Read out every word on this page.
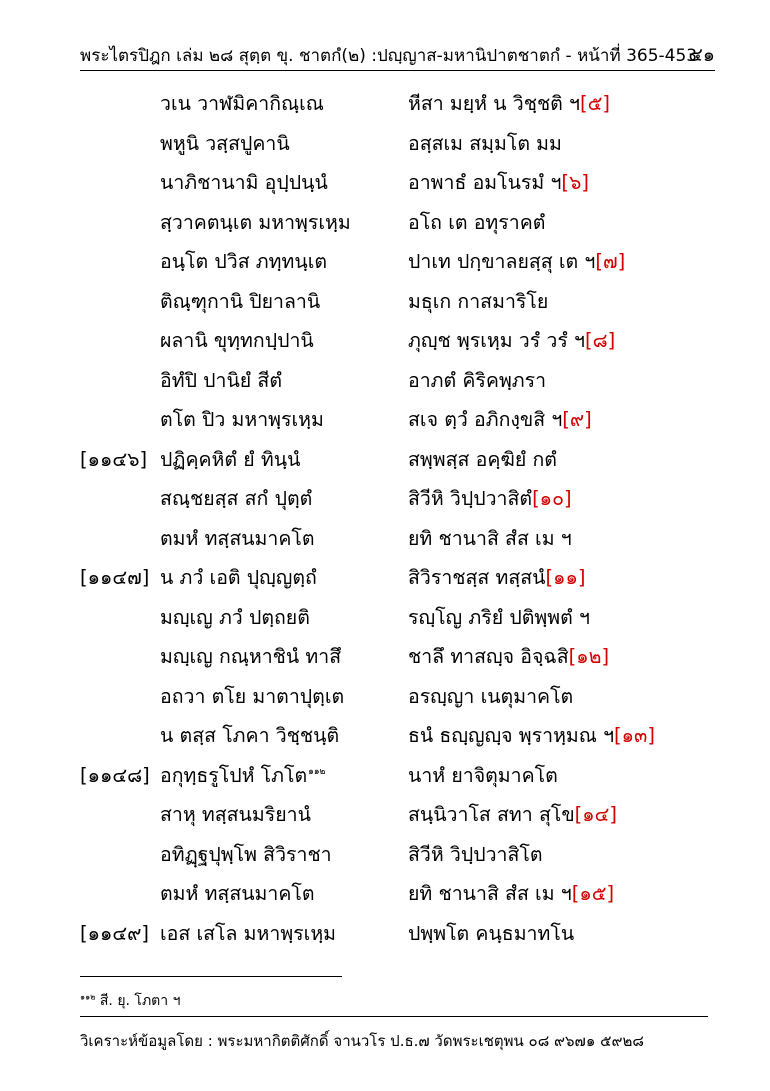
พระไตรปิฎก เล่ม ๒๘ สุตฺต ขุ. ชาตกํ(๒) :ปญฺญาส-มหานิปาตชาตกํ - หน้าที่ 365-453
๔๑
วเน วาฬมิคากิณฺเณ	หีสา มยฺหํ น วิชฺชติ ฯ[๕]
พหูนิ วสฺสปูคานิ	อสฺสเม สมฺมโต มม
นาภิชานามิ อุปฺปนฺนํ	อาพาธํ อมโนรมํ ฯ[๖]
สฺวาคตนฺเต มหาพฺรเหฺม	อโถ เต อทุราคตํ
อนฺโต ปวิส ภทฺทนฺเต	ปาเท ปกฺขาลยสฺสุ เต ฯ[๗]
ติณฺฑุกานิ ปิยาลานิ	มธุเก กาสมาริโย
ผลานิ ขุทฺทกปฺปานิ	ภุญฺช พฺรเหฺม วรํ วรํ ฯ[๘]
อิทํปิ ปานิยํ สีตํ	อาภตํ คิริคพฺภรา
ตโต ปิว มหาพฺรเหฺม	สเจ ตฺวํ อภิกงฺขสิ ฯ[๙]
[๑๑๔๖] ปฏิคฺคหิตํ ยํ ทินฺนํ	สพฺพสฺส อคฺฆิยํ กตํ
สณฺชยสฺส สกํ ปุตฺตํ	สิวีหิ วิปฺปวาสิตํ[๑๐]
ตมหํ ทสฺสนมาคโต	ยทิ ชานาสิ สํส เม ฯ
[๑๑๔๗] น ภวํ เอติ ปุญฺญตฺถํ	สิวิราชสฺส ทสฺสนํ[๑๑]
มญฺเญ ภวํ ปตฺถยติ	รญฺโญ ภริยํ ปติพฺพตํ ฯ
มญฺเญ กณฺหาชินํ ทาสึ	ชาลึ ทาสญฺจ อิจฺฉสิ[๑๒]
อถวา ตโย มาตาปุตฺเต	อรญฺญา เนตุมาคโต
น ตสฺส โภคา วิชฺชนฺติ	ธนํ ธญฺญญฺจ พฺราหฺมณ ฯ[๑๓]
[๑๑๔๘] อกุทฺธรูโปหํ โภโต$^{๑๑๒}$	นาหํ ยาจิตุมาคโต
สาหุ ทสฺสนมริยานํ	สนฺนิวาโส สทา สุโข[๑๔]
อทิฏฺฐปุพฺโพ สิวิราชา	สิวีหิ วิปฺปวาสิโต
ตมหํ ทสฺสนมาคโต	ยทิ ชานาสิ สํส เม ฯ[๑๕]
[๑๑๔๙] เอส เสโล มหาพฺรเหฺม	ปพฺพโต คนฺธมาทโน
$^{๑๑๒}$ สี. ยุ. โภตา ฯ
วิเคราะห์ข้อมูลโดย : พระมหากิตติศักดิ์ จานวโร ป.ธ.๗ วัดพระเชตุพน ๐๘ ๙๖๗๑ ๕๙๒๘
